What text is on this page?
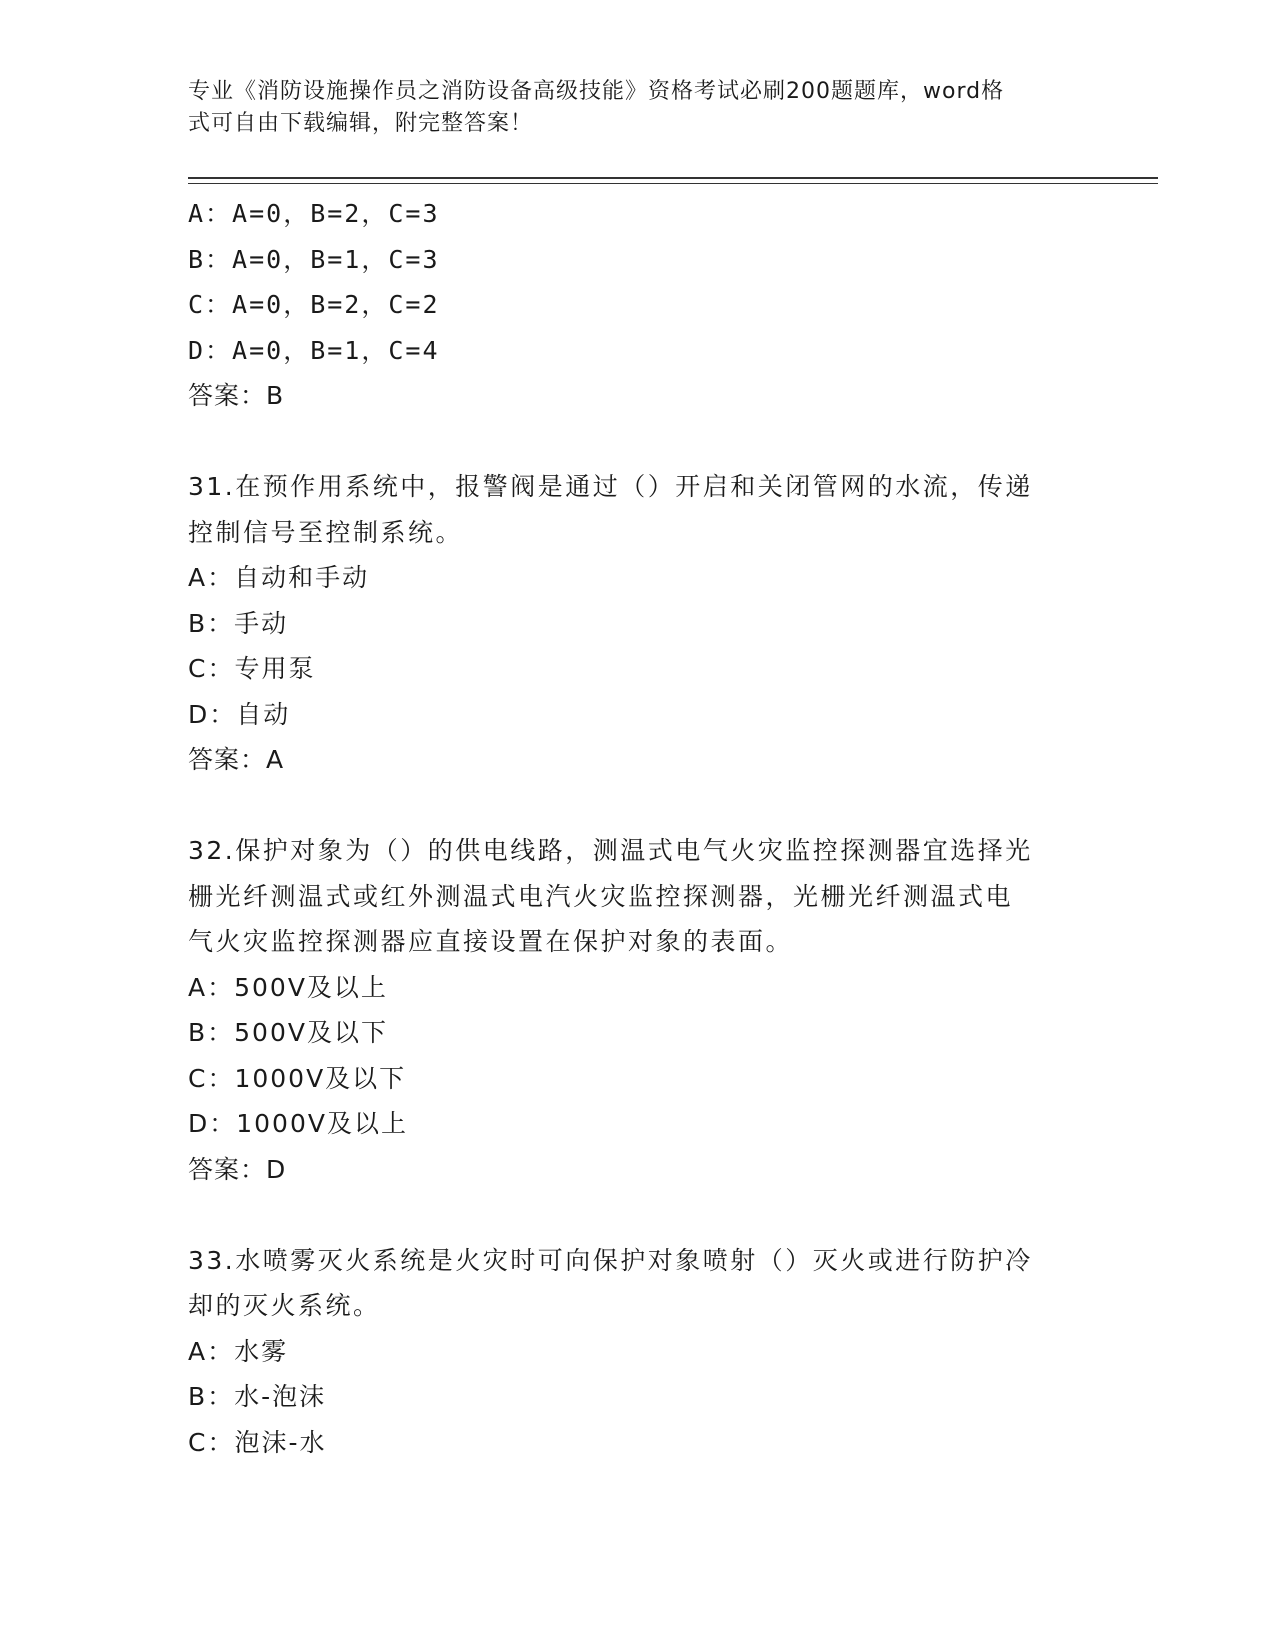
专业《消防设施操作员之消防设备高级技能》资格考试必刷200题题库，word格
式可自由下载编辑，附完整答案！
A：A=0，B=2，C=3
B：A=0，B=1，C=3
C：A=0，B=2，C=2
D：A=0，B=1，C=4
答案：B
31.在预作用系统中，报警阀是通过（）开启和关闭管网的水流，传递
控制信号至控制系统。
A：自动和手动
B：手动
C：专用泵
D：自动
答案：A
32.保护对象为（）的供电线路，测温式电气火灾监控探测器宜选择光
栅光纤测温式或红外测温式电汽火灾监控探测器，光栅光纤测温式电
气火灾监控探测器应直接设置在保护对象的表面。
A：500V及以上
B：500V及以下
C：1000V及以下
D：1000V及以上
答案：D
33.水喷雾灭火系统是火灾时可向保护对象喷射（）灭火或进行防护冷
却的灭火系统。
A：水雾
B：水-泡沫
C：泡沫-水
